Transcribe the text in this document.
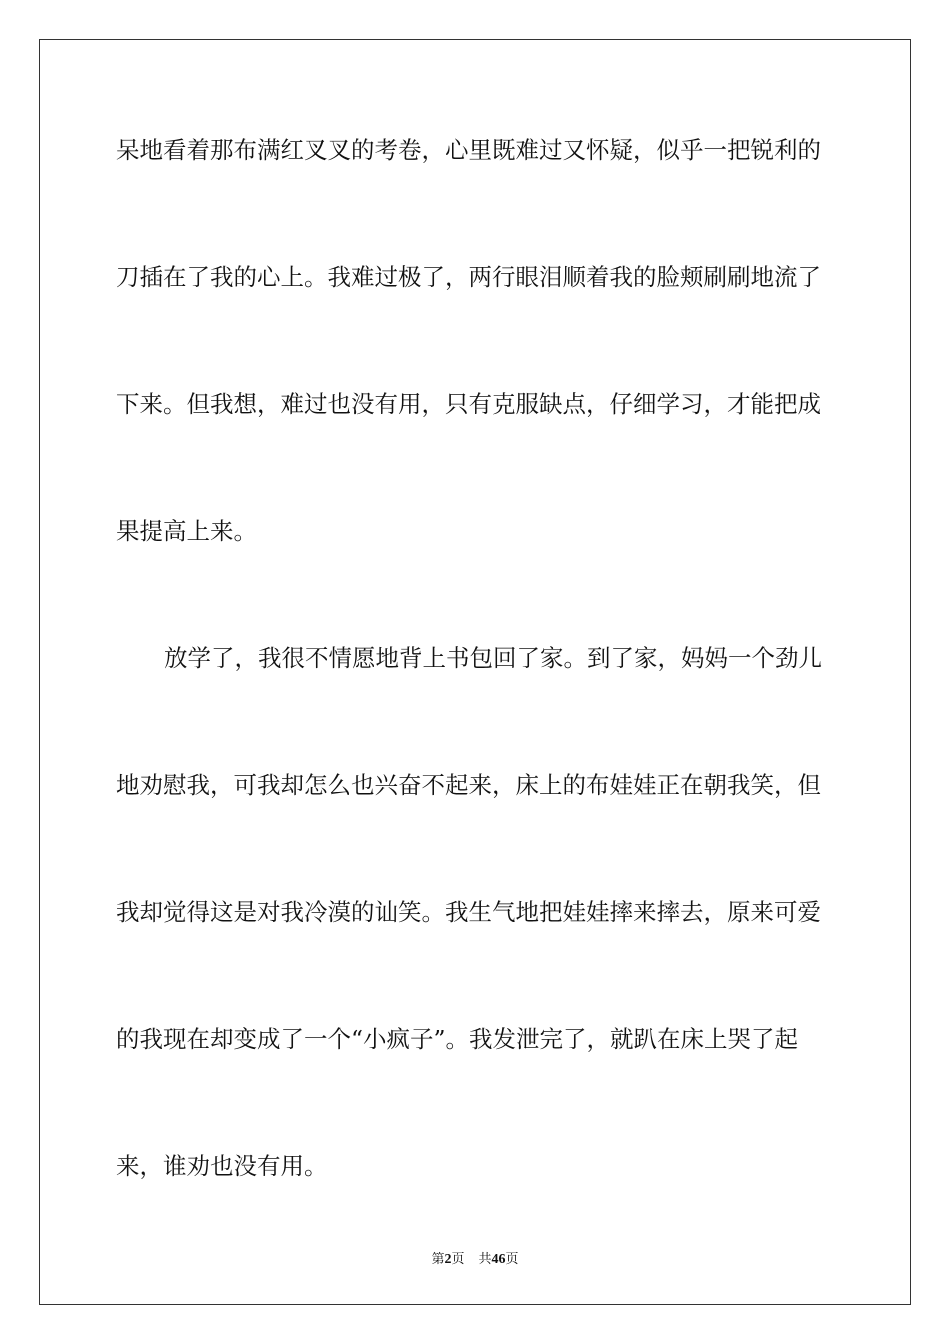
呆地看着那布满红叉叉的考卷，心里既难过又怀疑，似乎一把锐利的
刀插在了我的心上。我难过极了，两行眼泪顺着我的脸颊刷刷地流了
下来。但我想，难过也没有用，只有克服缺点，仔细学习，才能把成
果提高上来。
放学了，我很不情愿地背上书包回了家。到了家，妈妈一个劲儿
地劝慰我，可我却怎么也兴奋不起来，床上的布娃娃正在朝我笑，但
我却觉得这是对我冷漠的讪笑。我生气地把娃娃摔来摔去，原来可爱
的我现在却变成了一个“小疯子”。我发泄完了，就趴在床上哭了起
来，谁劝也没有用。
第2页 共46页
